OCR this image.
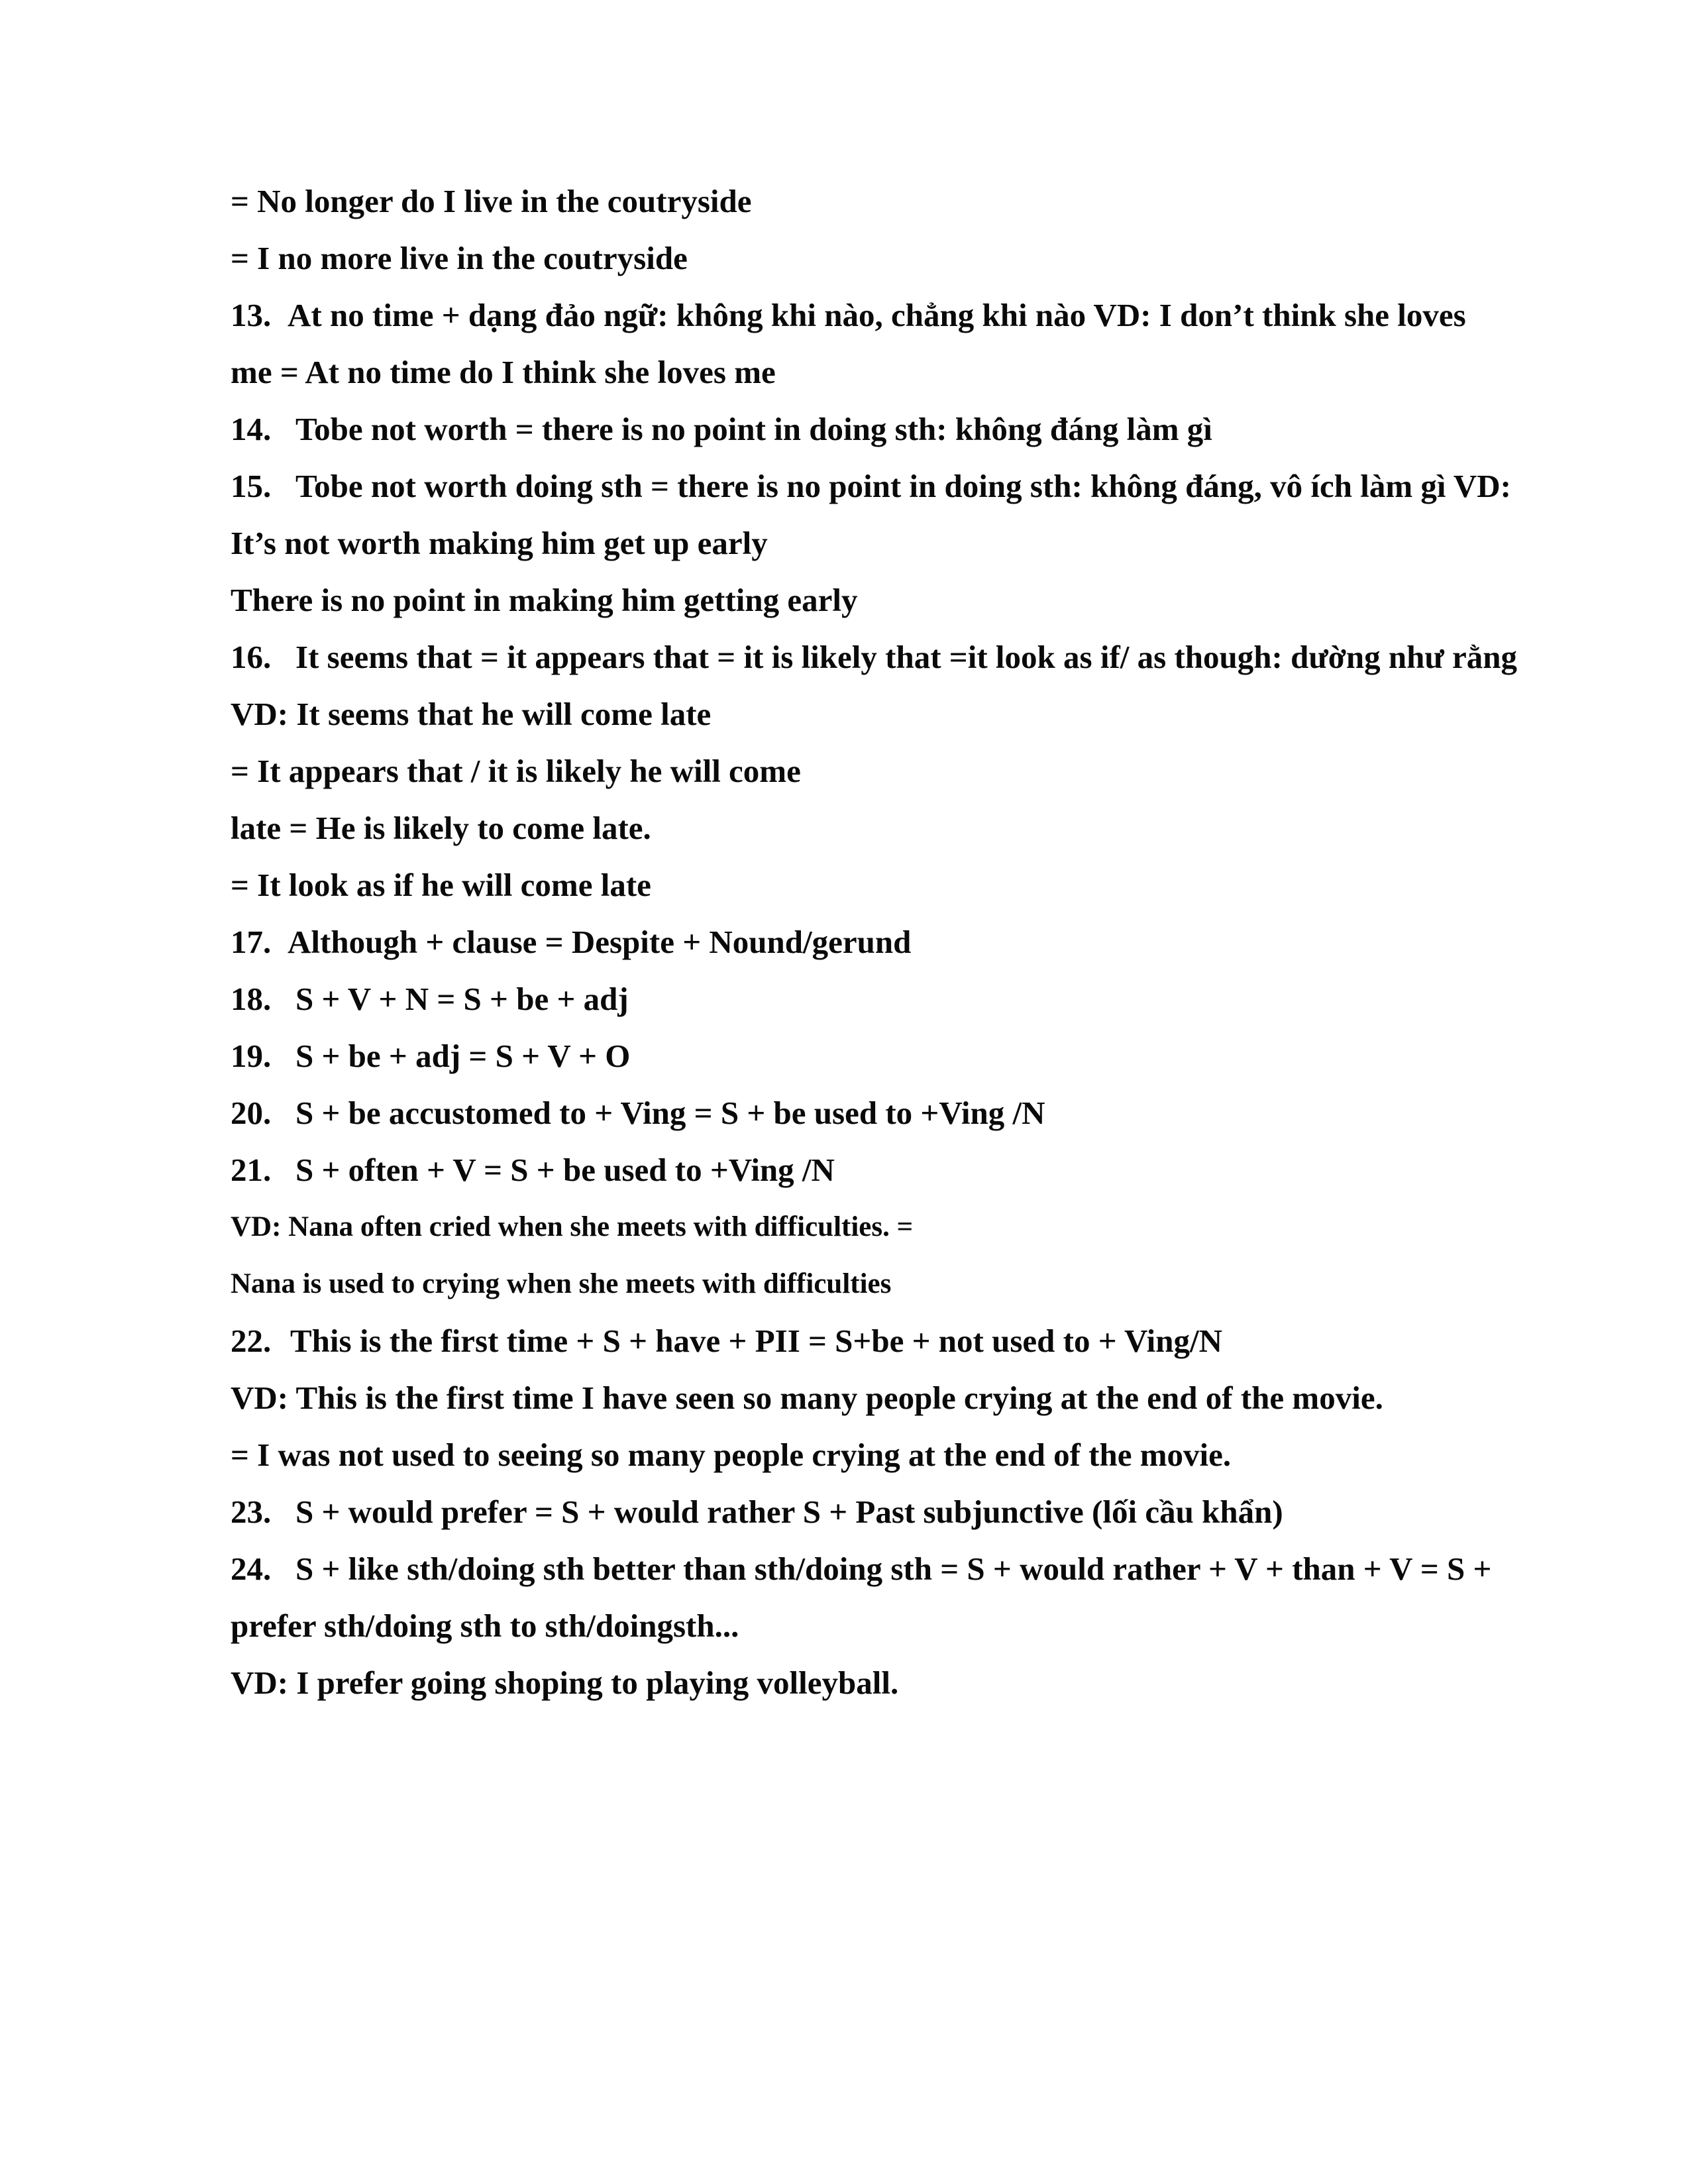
= No longer do I live in the coutryside
= I no more live in the coutryside
13. At no time + dạng đảo ngữ: không khi nào, chẳng khi nào VD: I don’t think she loves
me = At no time do I think she loves me
14. Tobe not worth = there is no point in doing sth: không đáng làm gì
15. Tobe not worth doing sth = there is no point in doing sth: không đáng, vô ích làm gì VD:
It’s not worth making him get up early
There is no point in making him getting early
16. It seems that = it appears that = it is likely that =it look as if/ as though: dường như rằng
VD: It seems that he will come late
= It appears that / it is likely he will come
late = He is likely to come late.
= It look as if he will come late
17. Although + clause = Despite + Nound/gerund
18. S + V + N = S + be + adj
19. S + be + adj = S + V + O
20. S + be accustomed to + Ving = S + be used to +Ving /N
21. S + often + V = S + be used to +Ving /N
VD: Nana often cried when she meets with difficulties. =
Nana is used to crying when she meets with difficulties
22. This is the first time + S + have + PII = S+be + not used to + Ving/N
VD: This is the first time I have seen so many people crying at the end of the movie.
= I was not used to seeing so many people crying at the end of the movie.
23. S + would prefer = S + would rather S + Past subjunctive (lối cầu khẩn)
24. S + like sth/doing sth better than sth/doing sth = S + would rather + V + than + V = S +
prefer sth/doing sth to sth/doingsth...
VD: I prefer going shoping to playing volleyball.
